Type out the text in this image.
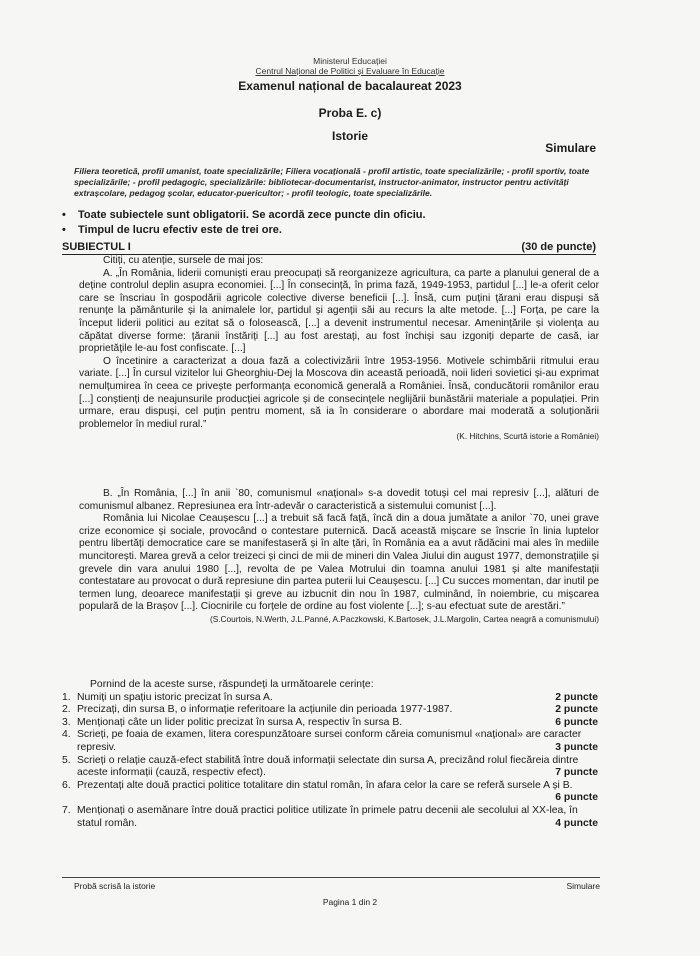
Ministerul Educației
Centrul Național de Politici și Evaluare în Educație
Examenul național de bacalaureat 2023
Proba E. c)
Istorie
Simulare
Filiera teoretică, profil umanist, toate specializările; Filiera vocațională - profil artistic, toate specializările; - profil sportiv, toate specializările; - profil pedagogic, specializările: bibliotecar-documentarist, instructor-animator, instructor pentru activități extrașcolare, pedagog școlar, educator-puericultor; - profil teologic, toate specializările.
•	Toate subiectele sunt obligatorii. Se acordă zece puncte din oficiu.
•	Timpul de lucru efectiv este de trei ore.
SUBIECTUL I	(30 de puncte)

Citiți, cu atenție, sursele de mai jos:

A. „În România, liderii comuniști erau preocupați să reorganizeze agricultura, ca parte a planului general de a deține controlul deplin asupra economiei. [...] În consecință, în prima fază, 1949-1953, partidul [...] le-a oferit celor care se înscriau în gospodării agricole colective diverse beneficii [...]. Însă, cum puțini țărani erau dispuși să renunțe la pământurile și la animalele lor, partidul și agenții săi au recurs la alte metode. [...] Forța, pe care la început liderii politici au ezitat să o folosească, [...] a devenit instrumentul necesar. Amenințările și violența au căpătat diverse forme: țăranii înstăriți [...] au fost arestați, au fost închiși sau izgoniți departe de casă, iar proprietățile le-au fost confiscate. [...]

O încetinire a caracterizat a doua fază a colectivizării între 1953-1956. Motivele schimbării ritmului erau variate. [...] În cursul vizitelor lui Gheorghiu-Dej la Moscova din această perioadă, noii lideri sovietici și-au exprimat nemulțumirea în ceea ce privește performanța economică generală a României. Însă, conducătorii românilor erau [...] conștienți de neajunsurile producției agricole și de consecințele neglijării bunăstării materiale a populației. Prin urmare, erau dispuși, cel puțin pentru moment, să ia în considerare o abordare mai moderată a soluționării problemelor în mediul rural.”

(K. Hitchins, Scurtă istorie a României)

B. „În România, [...] în anii `80, comunismul «național» s-a dovedit totuși cel mai represiv [...], alături de comunismul albanez. Represiunea era într-adevăr o caracteristică a sistemului comunist [...].

România lui Nicolae Ceaușescu [...] a trebuit să facă față, încă din a doua jumătate a anilor `70, unei grave crize economice și sociale, provocând o contestare puternică. Dacă această mișcare se înscrie în linia luptelor pentru libertăți democratice care se manifestaseră și în alte țări, în România ea a avut rădăcini mai ales în mediile muncitorești. Marea grevă a celor treizeci și cinci de mii de mineri din Valea Jiului din august 1977, demonstrațiile și grevele din vara anului 1980 [...], revolta de pe Valea Motrului din toamna anului 1981 și alte manifestații contestatare au provocat o dură represiune din partea puterii lui Ceaușescu. [...] Cu succes momentan, dar inutil pe termen lung, deoarece manifestații și greve au izbucnit din nou în 1987, culminând, în noiembrie, cu mișcarea populară de la Brașov [...]. Ciocnirile cu forțele de ordine au fost violente [...]; s-au efectuat sute de arestări.”

(S.Courtois, N.Werth, J.L.Panné, A.Paczkowski, K.Bartosek, J.L.Margolin, Cartea neagră a comunismului)
Pornind de la aceste surse, răspundeți la următoarele cerințe:
1. Numiți un spațiu istoric precizat în sursa A.	2 puncte
2. Precizați, din sursa B, o informație referitoare la acțiunile din perioada 1977-1987.	2 puncte
3. Menționați câte un lider politic precizat în sursa A, respectiv în sursa B.	6 puncte
4. Scrieți, pe foaia de examen, litera corespunzătoare sursei conform căreia comunismul «național» are caracter represiv.	3 puncte
5. Scrieți o relație cauză-efect stabilită între două informații selectate din sursa A, precizând rolul fiecăreia dintre aceste informații (cauză, respectiv efect).	7 puncte
6. Prezentați alte două practici politice totalitare din statul român, în afara celor la care se referă sursele A și B.
6 puncte
7. Menționați o asemănare între două practici politice utilizate în primele patru decenii ale secolului al XX-lea, în statul român.	4 puncte
Probă scrisă la istorie	Simulare
Pagina 1 din 2
